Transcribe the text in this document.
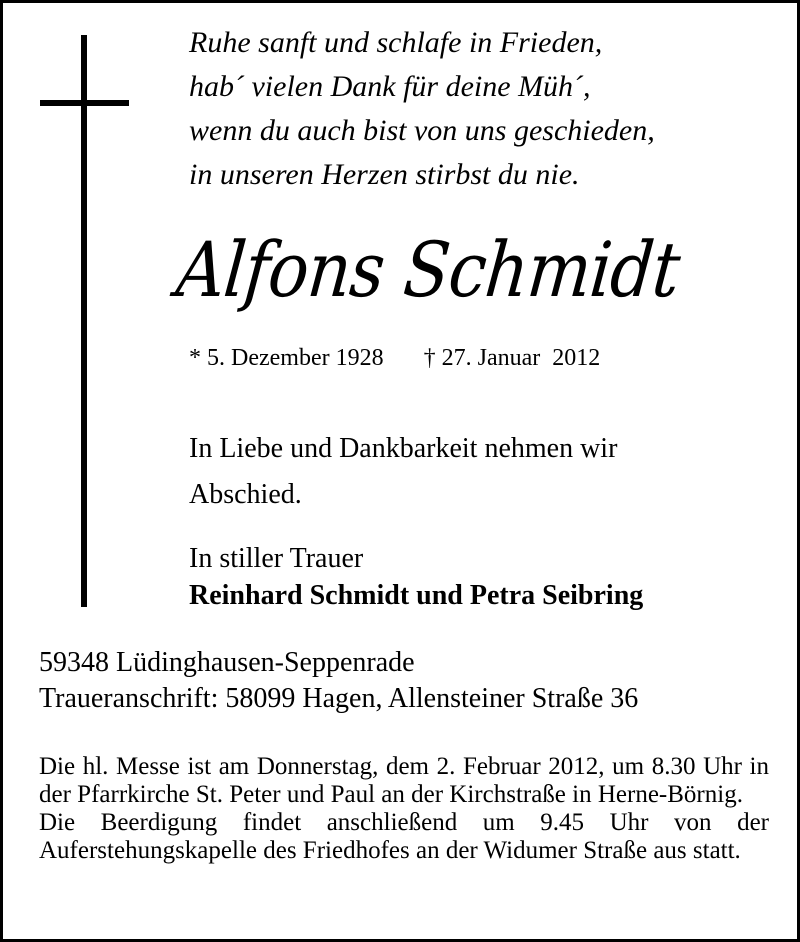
Ruhe sanft und schlafe in Frieden,
hab´ vielen Dank für deine Müh´,
wenn du auch bist von uns geschieden,
in unseren Herzen stirbst du nie.
Alfons Schmidt
* 5. Dezember 1928 † 27. Januar  2012
In Liebe und Dankbarkeit nehmen wir
Abschied.
In stiller Trauer
Reinhard Schmidt und Petra Seibring
59348 Lüdinghausen-Seppenrade
Traueranschrift: 58099 Hagen, Allensteiner Straße 36

Die hl. Messe ist am Donnerstag, dem 2. Februar 2012, um 8.30 Uhr in der Pfarrkirche St. Peter und Paul an der Kirchstraße in Herne-Börnig.

Die Beerdigung findet anschließend um 9.45 Uhr von der Auferstehungskapelle des Friedhofes an der Widumer Straße aus statt.
